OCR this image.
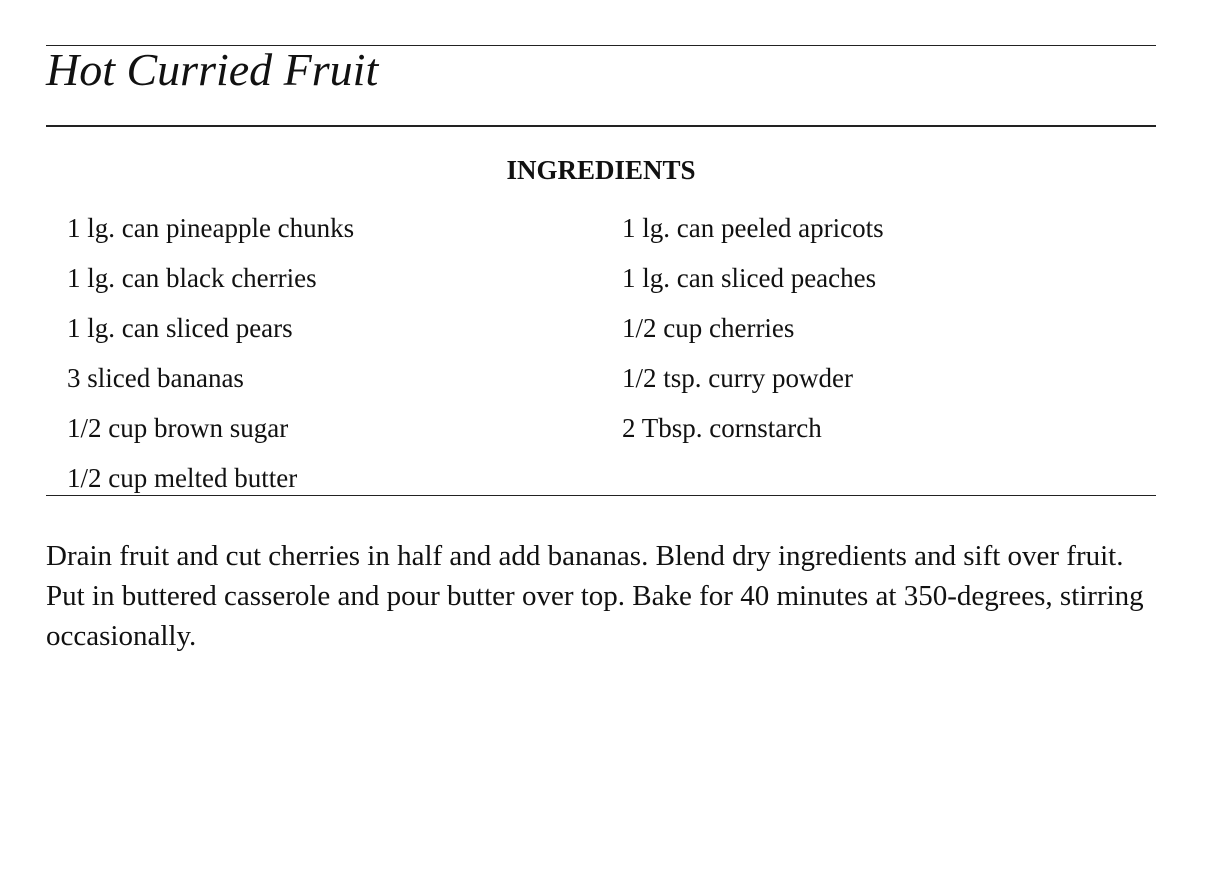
Hot Curried Fruit
INGREDIENTS
1 lg. can pineapple chunks
1 lg. can black cherries
1 lg. can sliced pears
3 sliced bananas
1/2 cup brown sugar
1/2 cup melted butter
1 lg. can peeled apricots
1 lg. can sliced peaches
1/2 cup cherries
1/2 tsp. curry powder
2 Tbsp. cornstarch

Drain fruit and cut cherries in half and add bananas. Blend dry ingredients and sift over fruit. Put in buttered casserole and pour butter over top. Bake for 40 minutes at 350-degrees, stirring occasionally.
